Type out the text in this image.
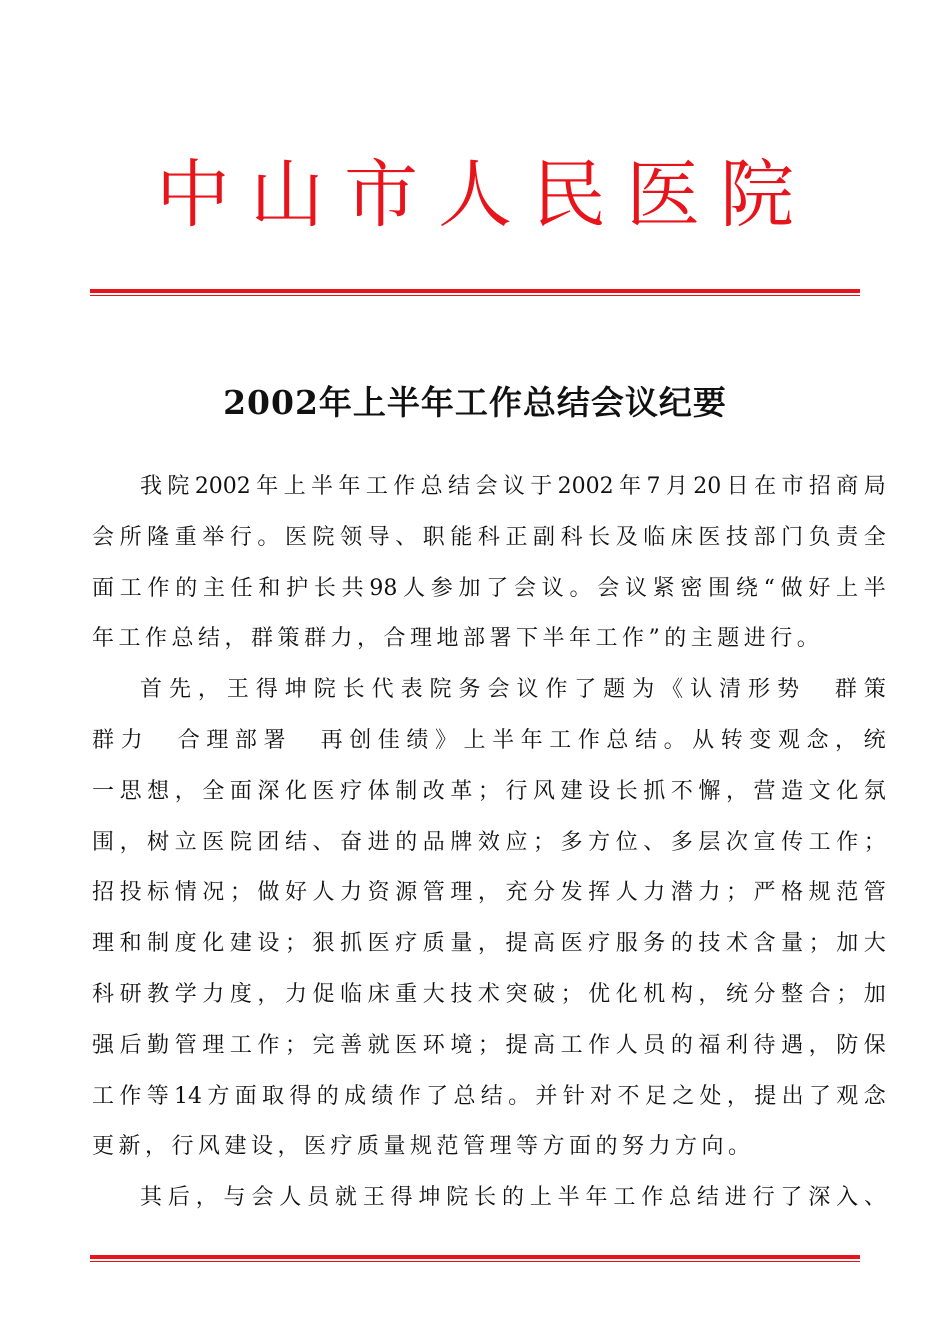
中山市人民医院
2002年上半年工作总结会议纪要
我 院 2002 年 上 半 年 工 作 总 结 会 议 于 2002 年 7 月 20 日 在 市 招 商 局
会 所 隆 重 举 行 。 医 院 领 导 、 职 能 科 正 副 科 长 及 临 床 医 技 部 门 负 责 全
面 工 作 的 主 任 和 护 长 共 98 人 参 加 了 会 议 。 会 议 紧 密 围 绕 “ 做 好 上 半
年工作总结，群策群力，合理地部署下半年工作”的主题进行。
首 先 ， 王 得 坤 院 长 代 表 院 务 会 议 作 了 题 为 《 认 清 形 势
　 群 策
群 力
　 合 理 部 署
　 再 创 佳 绩 》 上 半 年 工 作 总 结 。 从 转 变 观 念 ， 统
一 思 想 ， 全 面 深 化 医 疗 体 制 改 革 ； 行 风 建 设 长 抓 不 懈 ， 营 造 文 化 氛
围 ， 树 立 医 院 团 结 、 奋 进 的 品 牌 效 应 ； 多 方 位 、 多 层 次 宣 传 工 作 ；
招 投 标 情 况 ； 做 好 人 力 资 源 管 理 ， 充 分 发 挥 人 力 潜 力 ； 严 格 规 范 管
理 和 制 度 化 建 设 ； 狠 抓 医 疗 质 量 ， 提 高 医 疗 服 务 的 技 术 含 量 ； 加 大
科 研 教 学 力 度 ， 力 促 临 床 重 大 技 术 突 破 ； 优 化 机 构 ， 统 分 整 合 ； 加
强 后 勤 管 理 工 作 ； 完 善 就 医 环 境 ； 提 高 工 作 人 员 的 福 利 待 遇 ， 防 保
工 作 等 14 方 面 取 得 的 成 绩 作 了 总 结 。 并 针 对 不 足 之 处 ， 提 出 了 观 念
更新，行风建设，医疗质量规范管理等方面的努力方向。
其 后 ， 与 会 人 员 就 王 得 坤 院 长 的 上 半 年 工 作 总 结 进 行 了 深 入 、
